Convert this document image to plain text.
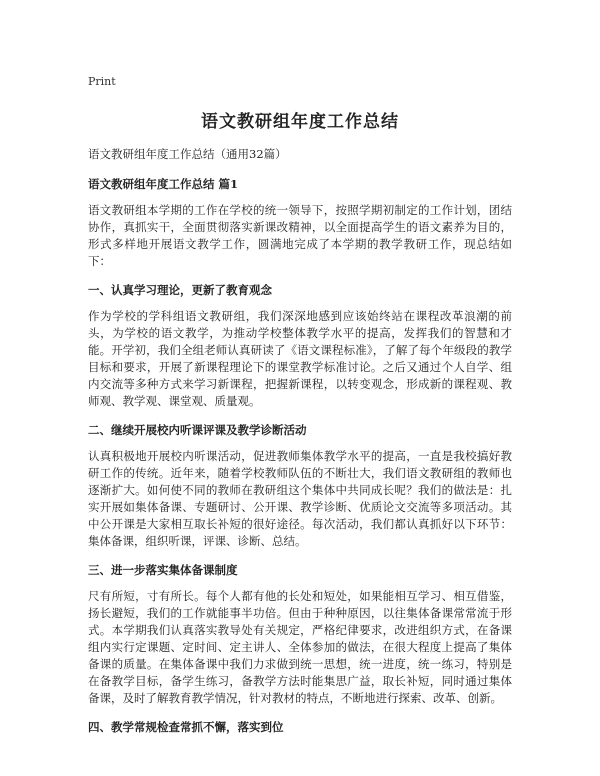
Print
语文教研组年度工作总结
语文教研组年度工作总结（通用32篇）
语文教研组年度工作总结 篇1
语文教研组本学期的工作在学校的统一领导下，按照学期初制定的工作计划，团结协作，真抓实干，全面贯彻落实新课改精神，以全面提高学生的语文素养为目的，形式多样地开展语文教学工作，圆满地完成了本学期的教学教研工作，现总结如下：
一、认真学习理论，更新了教育观念
作为学校的学科组语文教研组，我们深深地感到应该始终站在课程改革浪潮的前头，为学校的语文教学，为推动学校整体教学水平的提高，发挥我们的智慧和才能。开学初，我们全组老师认真研读了《语文课程标准》，了解了每个年级段的教学目标和要求，开展了新课程理论下的课堂教学标准讨论。之后又通过个人自学、组内交流等多种方式来学习新课程，把握新课程，以转变观念，形成新的课程观、教师观、教学观、课堂观、质量观。
二、继续开展校内听课评课及教学诊断活动
认真积极地开展校内听课活动，促进教师集体教学水平的提高，一直是我校搞好教研工作的传统。近年来，随着学校教师队伍的不断壮大，我们语文教研组的教师也逐渐扩大。如何使不同的教师在教研组这个集体中共同成长呢？我们的做法是：扎实开展如集体备课、专题研讨、公开课、教学诊断、优质论文交流等多项活动。其中公开课是大家相互取长补短的很好途径。每次活动，我们都认真抓好以下环节：集体备课，组织听课，评课、诊断、总结。
三、进一步落实集体备课制度
尺有所短，寸有所长。每个人都有他的长处和短处，如果能相互学习、相互借鉴，扬长避短，我们的工作就能事半功倍。但由于种种原因，以往集体备课常常流于形式。本学期我们认真落实教导处有关规定，严格纪律要求，改进组织方式，在备课组内实行定课题、定时间、定主讲人、全体参加的做法，在很大程度上提高了集体备课的质量。在集体备课中我们力求做到统一思想，统一进度，统一练习，特别是在备教学目标，备学生练习，备教学方法时能集思广益，取长补短，同时通过集体备课，及时了解教育教学情况，针对教材的特点，不断地进行探索、改革、创新。
四、教学常规检查常抓不懈，落实到位
